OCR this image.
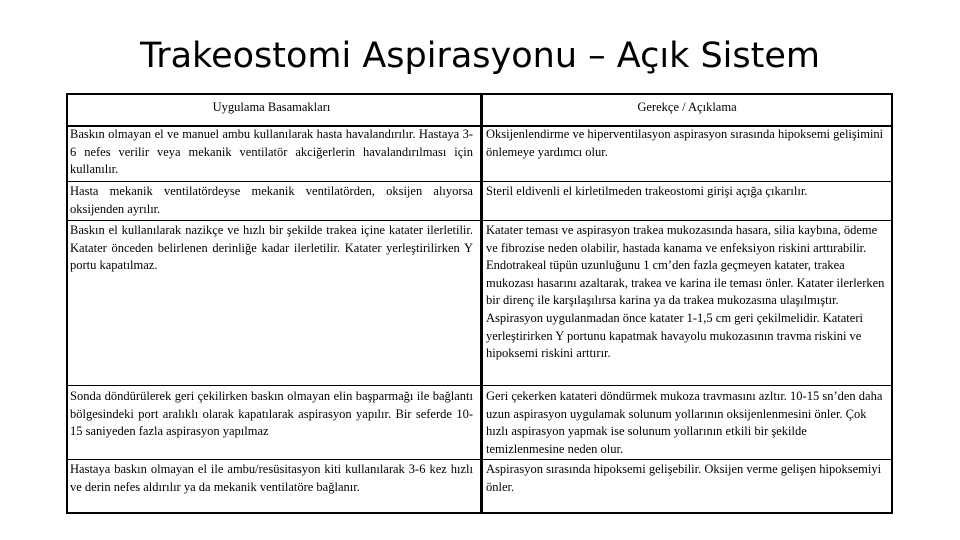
Trakeostomi Aspirasyonu – Açık Sistem
Uygulama Basamakları	Gerekçe / Açıklama
Baskın olmayan el ve manuel ambu kullanılarak hasta havalandırılır. Hastaya 3-6 nefes verilir veya mekanik ventilatör akciğerlerin havalandırılması için kullanılır.
Oksijenlendirme ve hiperventilasyon aspirasyon sırasında hipoksemi gelişimini önlemeye yardımcı olur.
Hasta mekanik ventilatördeyse mekanik ventilatörden, oksijen alıyorsa oksijenden ayrılır.
Steril eldivenli el kirletilmeden trakeostomi girişi açığa çıkarılır.
Baskın el kullanılarak nazikçe ve hızlı bir şekilde trakea içine katater ilerletilir. Katater önceden belirlenen derinliğe kadar ilerletilir. Katater yerleştirilirken Y portu kapatılmaz.
Katater teması ve aspirasyon trakea mukozasında hasara, silia kaybına, ödeme ve fibrozise neden olabilir, hastada kanama ve enfeksiyon riskini arttırabilir. Endotrakeal tüpün uzunluğunu 1 cm’den fazla geçmeyen katater, trakea mukozası hasarını azaltarak, trakea ve karina ile teması önler. Katater ilerlerken bir direnç ile karşılaşılırsa karina ya da trakea mukozasına ulaşılmıştır. Aspirasyon uygulanmadan önce katater 1-1,5 cm geri çekilmelidir. Katateri yerleştirirken Y portunu kapatmak havayolu mukozasının travma riskini ve hipoksemi riskini arttırır.
Sonda döndürülerek geri çekilirken baskın olmayan elin başparmağı ile bağlantı bölgesindeki port aralıklı olarak kapatılarak aspirasyon yapılır. Bir seferde 10-15 saniyeden fazla aspirasyon yapılmaz
Geri çekerken katateri döndürmek mukoza travmasını azltır. 10-15 sn’den daha uzun aspirasyon uygulamak solunum yollarının oksijenlenmesini önler. Çok hızlı aspirasyon yapmak ise solunum yollarının etkili bir şekilde temizlenmesine neden olur.
Hastaya baskın olmayan el ile ambu/resüsitasyon kiti kullanılarak 3-6 kez hızlı ve derin nefes aldırılır ya da mekanik ventilatöre bağlanır.
Aspirasyon sırasında hipoksemi gelişebilir. Oksijen verme gelişen hipoksemiyi önler.
